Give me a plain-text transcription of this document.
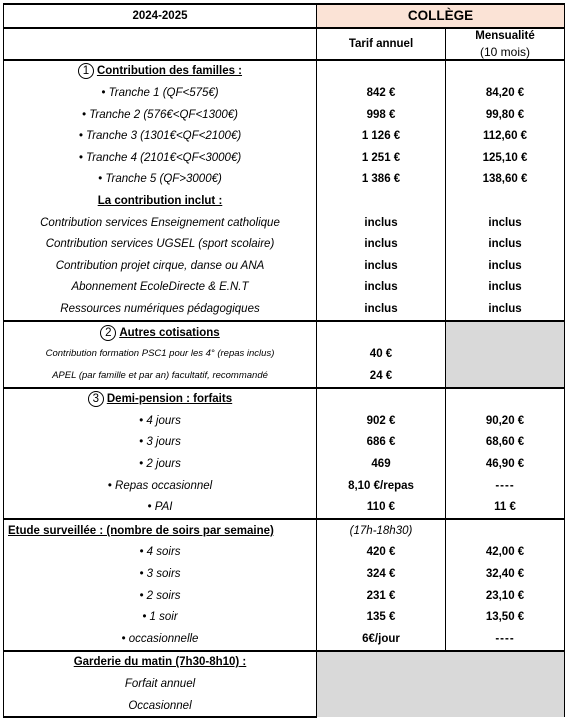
2024-2025	COLLÈGE	
	Tarif annuel	Mensualité
(10 mois)

1 Contribution des familles :		
• Tranche 1 (QF<575€)	842 €	84,20 €
• Tranche 2 (576€<QF<1300€)	998 €	99,80 €
• Tranche 3 (1301€<QF<2100€)	1 126 €	112,60 €
• Tranche 4 (2101€<QF<3000€)	1 251 €	125,10 €
• Tranche 5 (QF>3000€)	1 386 €	138,60 €
La contribution inclut :		
Contribution services Enseignement catholique	inclus	inclus
Contribution services UGSEL (sport scolaire)	inclus	inclus
Contribution projet cirque, danse ou ANA	inclus	inclus
Abonnement EcoleDirecte & E.N.T	inclus	inclus
Ressources numériques pédagogiques	inclus	inclus
2 Autres cotisations		
Contribution formation PSC1 pour les 4° (repas inclus)	40 €	
APEL (par famille et par an) facultatif, recommandé	24 €	
3 Demi-pension : forfaits		
• 4 jours	902 €	90,20 €
• 3 jours	686 €	68,60 €
• 2 jours	469	46,90 €
• Repas occasionnel	8,10 €/repas	----
• PAI	110 €	11 €
Etude surveillée : (nombre de soirs par semaine)	(17h-18h30)	
• 4 soirs	420 €	42,00 €
• 3 soirs	324 €	32,40 €
• 2 soirs	231 €	23,10 €
• 1 soir	135 €	13,50 €
• occasionnelle	6€/jour	----
Garderie du matin (7h30-8h10) :		
Forfait annuel		
Occasionnel		
